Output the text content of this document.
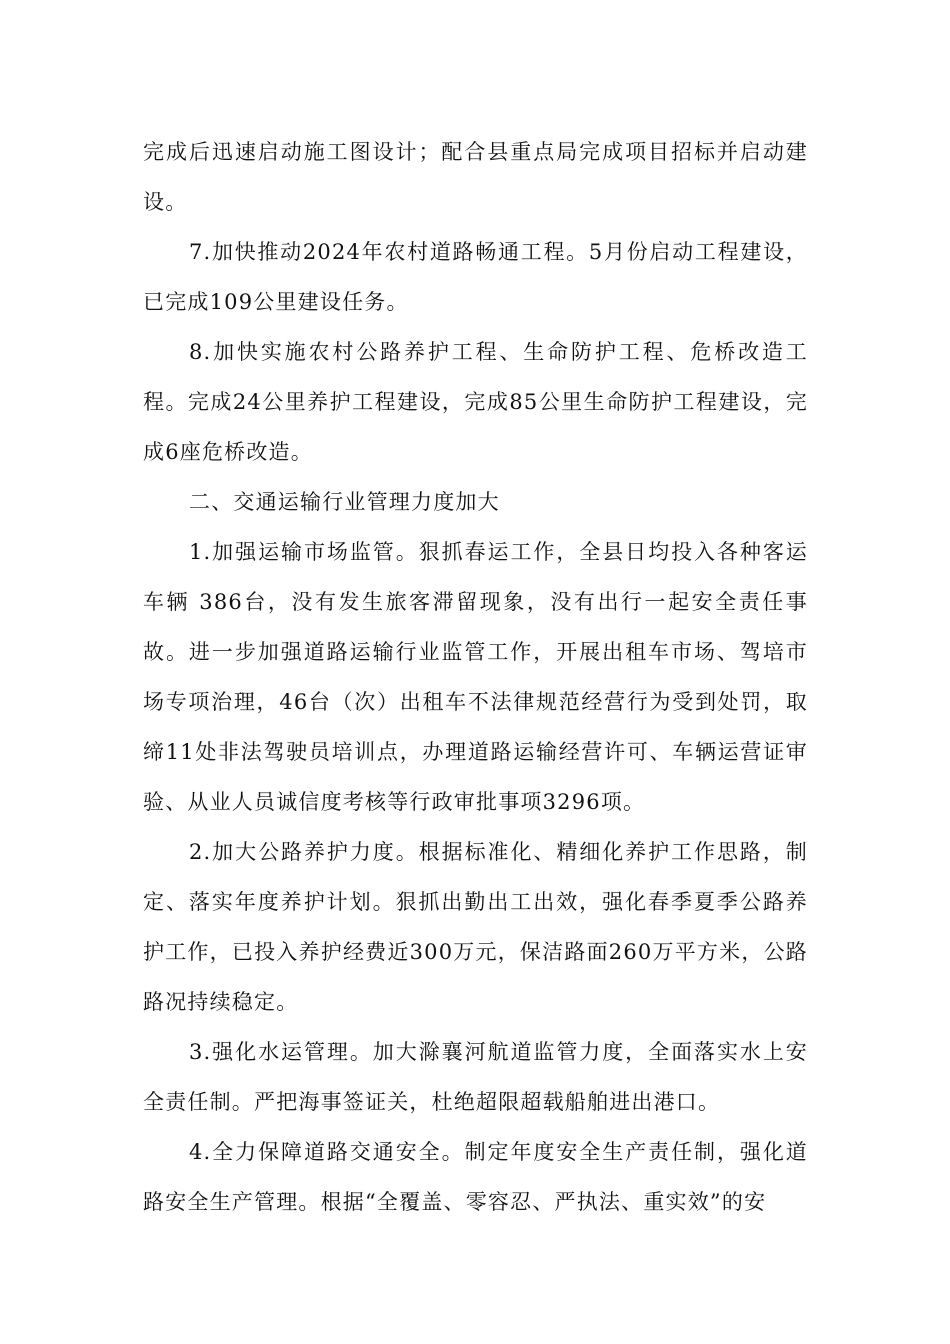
完成后迅速启动施工图设计；配合县重点局完成项目招标并启动建设。

7.加快推动2024年农村道路畅通工程。5月份启动工程建设，已完成109公里建设任务。

8.加快实施农村公路养护工程、生命防护工程、危桥改造工程。完成24公里养护工程建设，完成85公里生命防护工程建设，完成6座危桥改造。

二、交通运输行业管理力度加大

1.加强运输市场监管。狠抓春运工作，全县日均投入各种客运车辆 386台，没有发生旅客滞留现象，没有出行一起安全责任事故。进一步加强道路运输行业监管工作，开展出租车市场、驾培市场专项治理，46台（次）出租车不法律规范经营行为受到处罚，取缔11处非法驾驶员培训点，办理道路运输经营许可、车辆运营证审验、从业人员诚信度考核等行政审批事项3296项。

2.加大公路养护力度。根据标准化、精细化养护工作思路，制定、落实年度养护计划。狠抓出勤出工出效，强化春季夏季公路养护工作，已投入养护经费近300万元，保洁路面260万平方米，公路路况持续稳定。

3.强化水运管理。加大滁襄河航道监管力度，全面落实水上安全责任制。严把海事签证关，杜绝超限超载船舶进出港口。

4.全力保障道路交通安全。制定年度安全生产责任制，强化道路安全生产管理。根据“全覆盖、零容忍、严执法、重实效”的安
